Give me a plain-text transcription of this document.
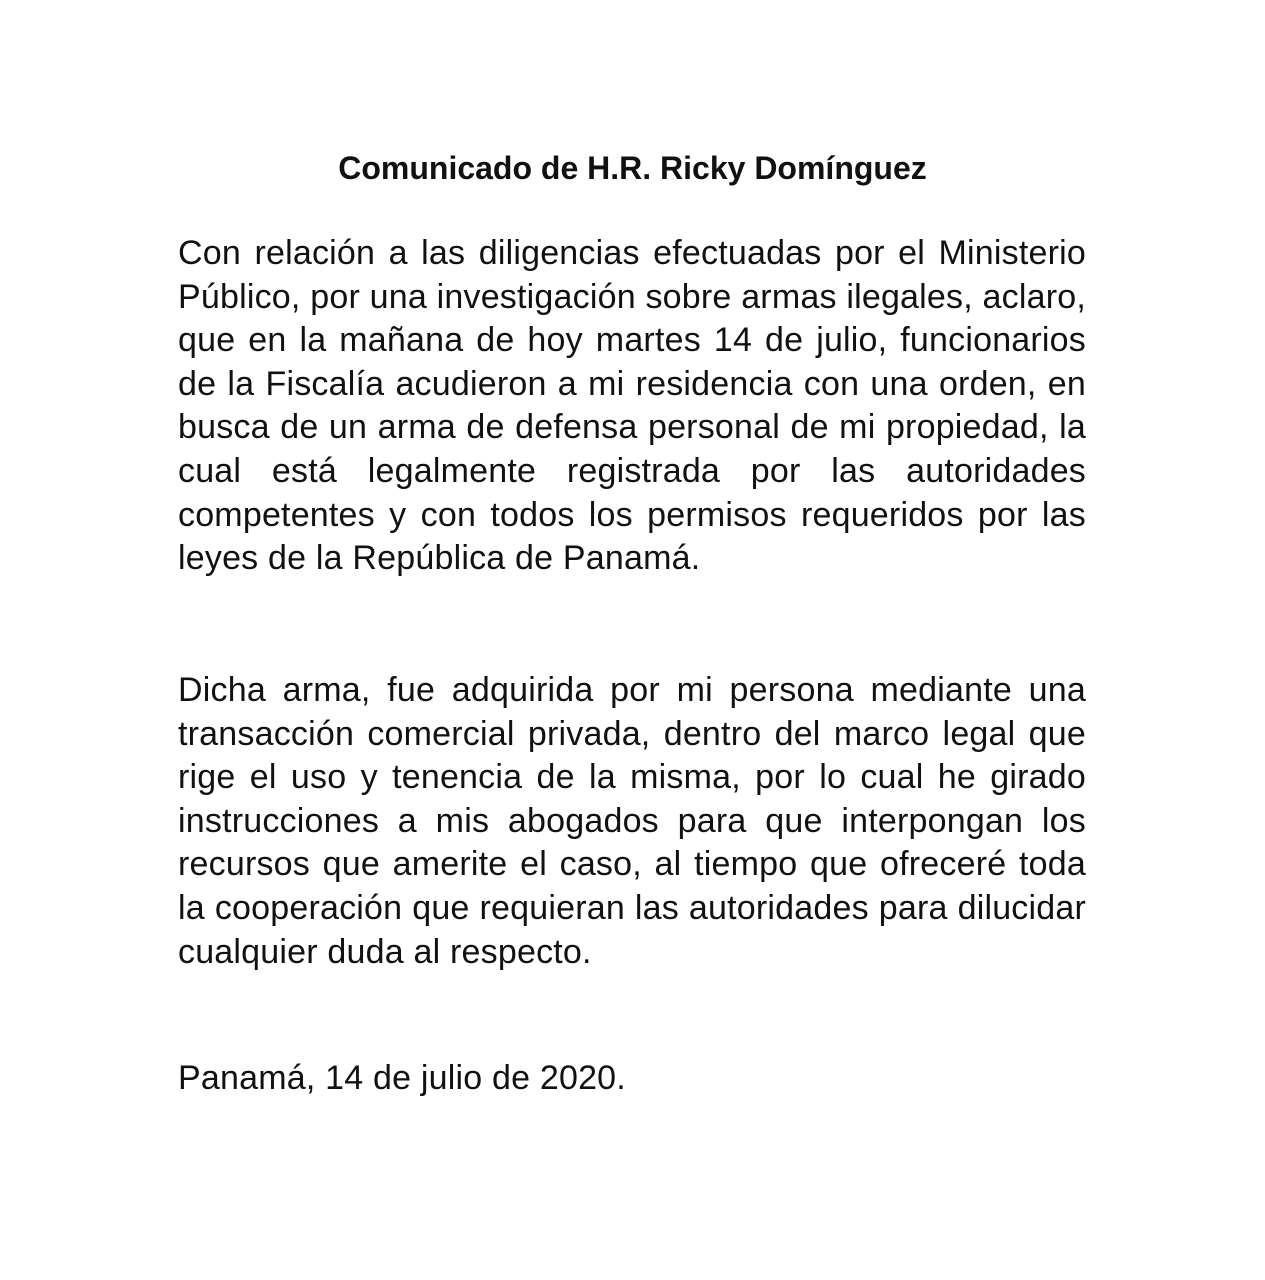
Comunicado de H.R. Ricky Domínguez

Con relación a las diligencias efectuadas por el Ministerio Público, por una investigación sobre armas ilegales, aclaro, que en la mañana de hoy martes 14 de julio, funcionarios de la Fiscalía acudieron a mi residencia con una orden, en busca de un arma de defensa personal de mi propiedad, la cual está legalmente registrada por las autoridades competentes y con todos los permisos requeridos por las leyes de la República de Panamá.

Dicha arma, fue adquirida por mi persona mediante una transacción comercial privada, dentro del marco legal que rige el uso y tenencia de la misma, por lo cual he girado instrucciones a mis abogados para que interpongan los recursos que amerite el caso, al tiempo que ofreceré toda la cooperación que requieran las autoridades para dilucidar cualquier duda al respecto.

Panamá, 14 de julio de 2020.
